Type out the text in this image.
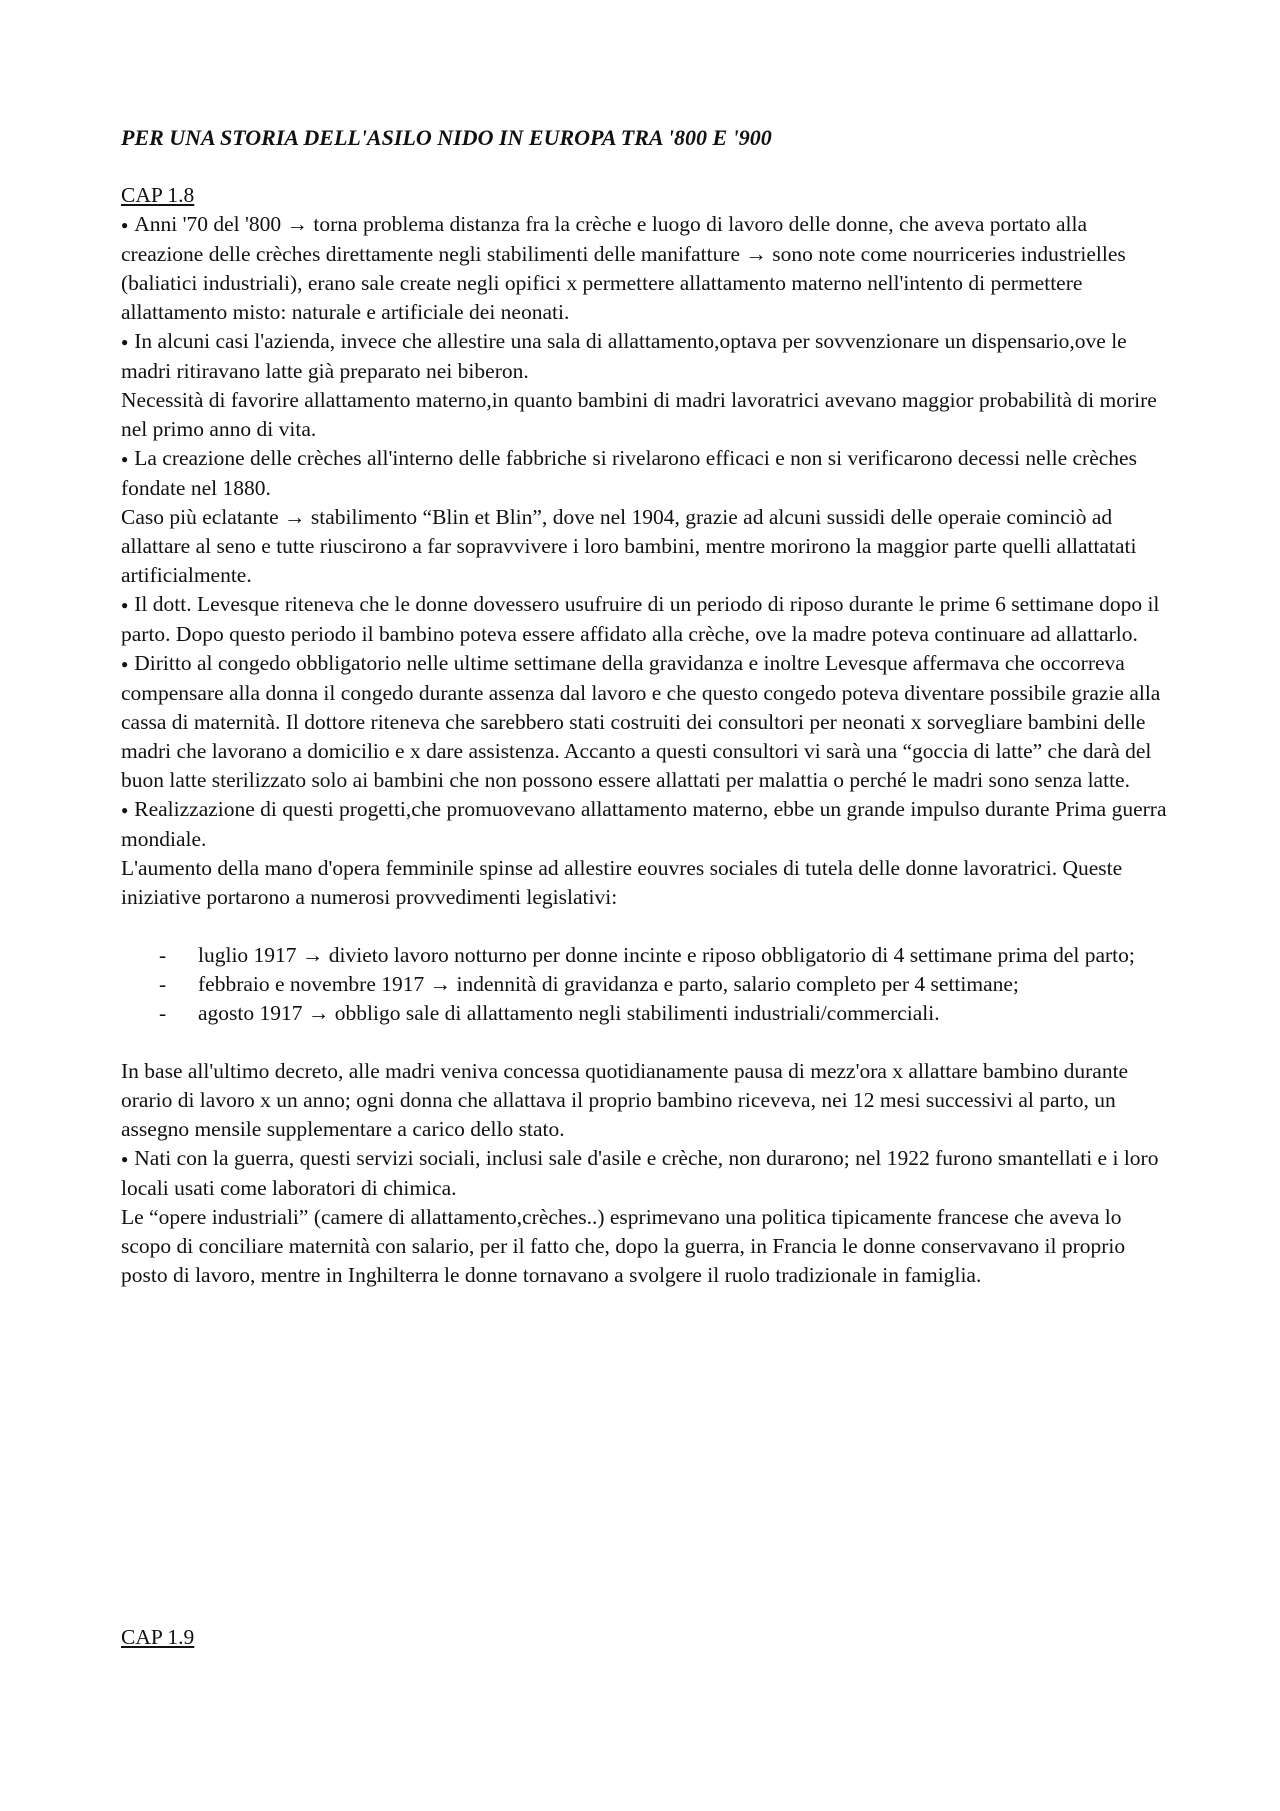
PER UNA STORIA DELL'ASILO NIDO IN EUROPA TRA '800 E '900

CAP 1.8

● Anni '70 del '800 → torna problema distanza fra la crèche e luogo di lavoro delle donne, che aveva portato alla creazione delle crèches direttamente negli stabilimenti delle manifatture → sono note come nourriceries industrielles (baliatici industriali), erano sale create negli opifici x permettere allattamento materno nell'intento di permettere allattamento misto: naturale e artificiale dei neonati.

● In alcuni casi l'azienda, invece che allestire una sala di allattamento,optava per sovvenzionare un dispensario,ove le madri ritiravano latte già preparato nei biberon.

Necessità di favorire allattamento materno,in quanto bambini di madri lavoratrici avevano maggior probabilità di morire nel primo anno di vita.

● La creazione delle crèches all'interno delle fabbriche si rivelarono efficaci e non si verificarono decessi nelle crèches fondate nel 1880.

Caso più eclatante → stabilimento “Blin et Blin”, dove nel 1904, grazie ad alcuni sussidi delle operaie cominciò ad allattare al seno e tutte riuscirono a far sopravvivere i loro bambini, mentre morirono la maggior parte quelli allattatati artificialmente.

● Il dott. Levesque riteneva che le donne dovessero usufruire di un periodo di riposo durante le prime 6 settimane dopo il parto. Dopo questo periodo il bambino poteva essere affidato alla crèche, ove la madre poteva continuare ad allattarlo.

● Diritto al congedo obbligatorio nelle ultime settimane della gravidanza e inoltre Levesque affermava che occorreva compensare alla donna il congedo durante assenza dal lavoro e che questo congedo poteva diventare possibile grazie alla cassa di maternità. Il dottore riteneva che sarebbero stati costruiti dei consultori per neonati x sorvegliare bambini delle madri che lavorano a domicilio e x dare assistenza. Accanto a questi consultori vi sarà una “goccia di latte” che darà del buon latte sterilizzato solo ai bambini che non possono essere allattati per malattia o perché le madri sono senza latte.

● Realizzazione di questi progetti,che promuovevano allattamento materno, ebbe un grande impulso durante Prima guerra mondiale.

L'aumento della mano d'opera femminile spinse ad allestire eouvres sociales di tutela delle donne lavoratrici. Queste iniziative portarono a numerosi provvedimenti legislativi:

- luglio 1917 → divieto lavoro notturno per donne incinte e riposo obbligatorio di 4 settimane prima del parto;
- febbraio e novembre 1917 → indennità di gravidanza e parto, salario completo per 4 settimane;
- agosto 1917 → obbligo sale di allattamento negli stabilimenti industriali/commerciali.

In base all'ultimo decreto, alle madri veniva concessa quotidianamente pausa di mezz'ora x allattare bambino durante orario di lavoro x un anno; ogni donna che allattava il proprio bambino riceveva, nei 12 mesi successivi al parto, un assegno mensile supplementare a carico dello stato.

● Nati con la guerra, questi servizi sociali, inclusi sale d'asile e crèche, non durarono; nel 1922 furono smantellati e i loro locali usati come laboratori di chimica.

Le “opere industriali” (camere di allattamento,crèches..) esprimevano una politica tipicamente francese che aveva lo scopo di conciliare maternità con salario, per il fatto che, dopo la guerra, in Francia le donne conservavano il proprio posto di lavoro, mentre in Inghilterra le donne tornavano a svolgere il ruolo tradizionale in famiglia.

CAP 1.9
